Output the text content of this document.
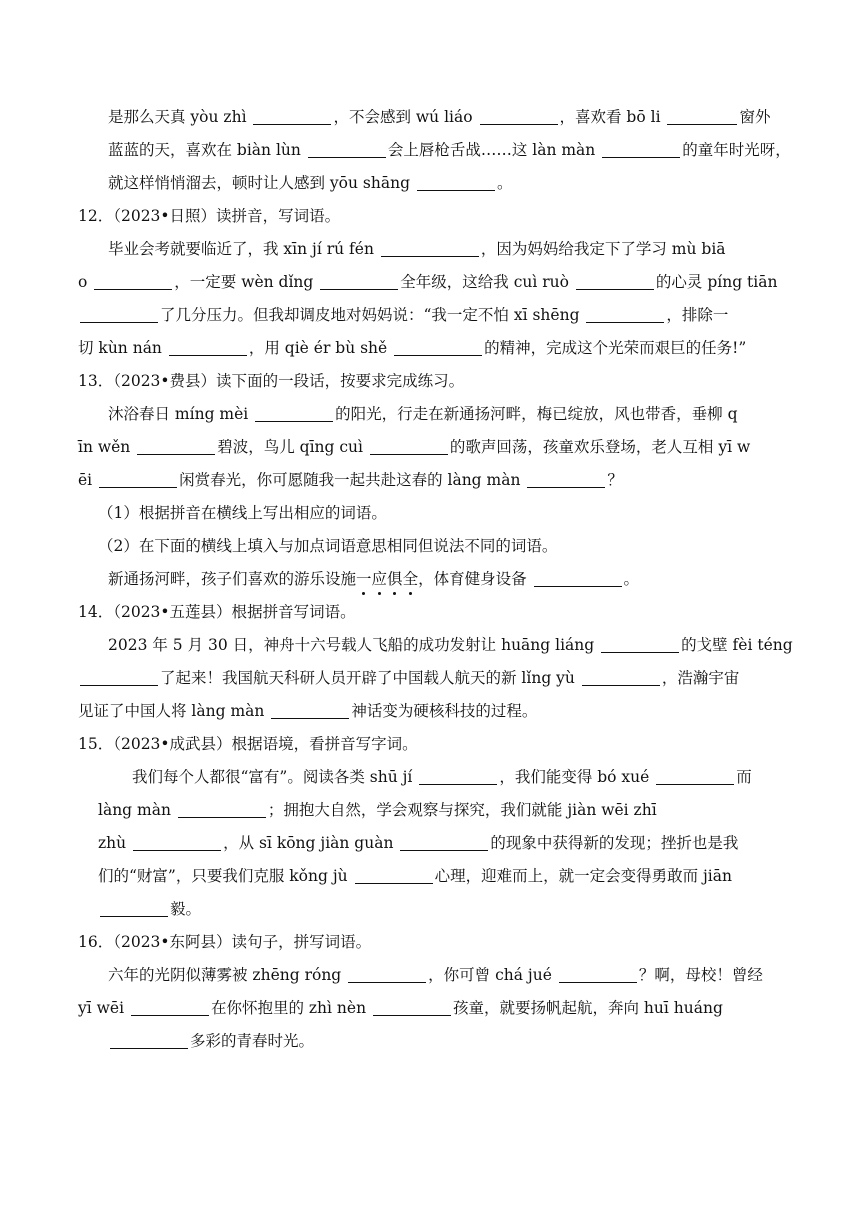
是那么天真 yòu zhì	，不会感到 wú liáo	，喜欢看 bō li	窗外
蓝蓝的天，喜欢在 biàn lùn	会上唇枪舌战……这 làn màn	的童年时光呀，
就这样悄悄溜去，顿时让人感到 yōu shāng	。
12．（2023•日照）读拼音，写词语。
毕业会考就要临近了，我 xīn jí rú fén	，因为妈妈给我定下了学习 mù biā
o	，一定要 wèn dǐng	全年级，这给我 cuì ruò	的心灵 píng tiān
了几分压力。但我却调皮地对妈妈说：“我一定不怕 xī shēng	，排除一
切 kùn nán	，用 qiè ér bù shě	的精神，完成这个光荣而艰巨的任务!”
13．（2023•费县）读下面的一段话，按要求完成练习。
沐浴春日 míng mèi	的阳光，行走在新通扬河畔，梅已绽放，风也带香，垂柳 q
īn wěn	碧波，鸟儿 qīng cuì	的歌声回荡，孩童欢乐登场，老人互相 yī w
ēi	闲赏春光，你可愿随我一起共赴这春的 làng màn	？
（1）根据拼音在横线上写出相应的词语。
（2）在下面的横线上填入与加点词语意思相同但说法不同的词语。
新通扬河畔，孩子们喜欢的游乐设施一应俱全，体育健身设备	。
14．（2023•五莲县）根据拼音写词语。
2023 年 5 月 30 日，神舟十六号载人飞船的成功发射让 huāng liáng	的戈壁 fèi téng
了起来！我国航天科研人员开辟了中国载人航天的新 lǐng yù	，浩瀚宇宙
见证了中国人将 làng màn	神话变为硬核科技的过程。
15．（2023•成武县）根据语境，看拼音写字词。
我们每个人都很“富有”。阅读各类 shū jí	，我们能变得 bó xué	而
làng màn	；拥抱大自然，学会观察与探究，我们就能 jiàn wēi zhī
zhù	，从 sī kōng jiàn guàn	的现象中获得新的发现；挫折也是我
们的“财富”，只要我们克服 kǒng jù	心理，迎难而上，就一定会变得勇敢而 jiān
毅。
16．（2023•东阿县）读句子，拼写词语。
六年的光阴似薄雾被 zhēng róng	，你可曾 chá jué	？啊，母校！曾经
yī wēi	在你怀抱里的 zhì nèn	孩童，就要扬帆起航，奔向 huī huáng
多彩的青春时光。
